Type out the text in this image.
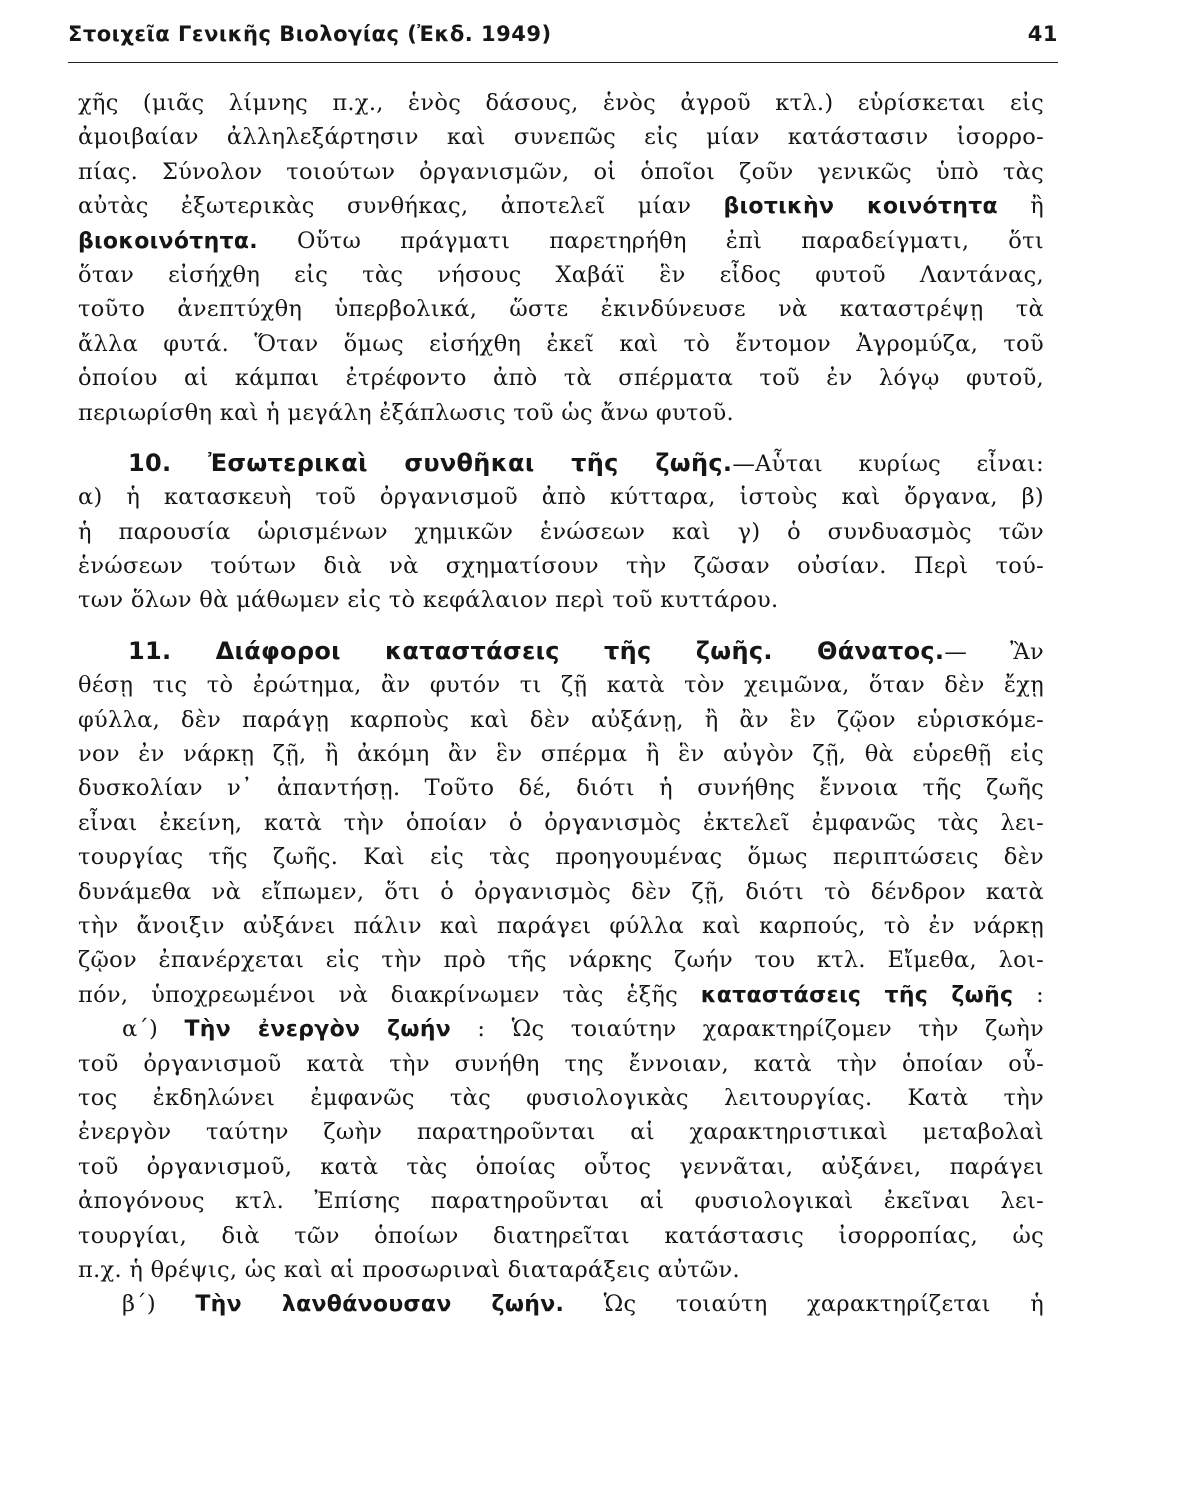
Στοιχεῖα Γενικῆς Βιολογίας (Ἐκδ. 1949)	41
χῆς (μιᾶς λίμνης π.χ., ἑνὸς δάσους, ἑνὸς ἀγροῦ κτλ.) εὑρίσκεται εἰς
ἀμοιβαίαν ἀλληλεξάρτησιν καὶ συνεπῶς εἰς μίαν κατάστασιν ἰσορρο-
πίας. Σύνολον τοιούτων ὀργανισμῶν, οἱ ὁποῖοι ζοῦν γενικῶς ὑπὸ τὰς
αὐτὰς ἐξωτερικὰς συνθήκας, ἀποτελεῖ μίαν βιοτικὴν κοινότητα ἢ
βιοκοινότητα. Οὕτω πράγματι παρετηρήθη ἐπὶ παραδείγματι, ὅτι
ὅταν εἰσήχθη εἰς τὰς νήσους Χαβάϊ ἓν εἶδος φυτοῦ Λαντάνας,
τοῦτο ἀνεπτύχθη ὑπερβολικά, ὥστε ἐκινδύνευσε νὰ καταστρέψῃ τὰ
ἄλλα φυτά. Ὅταν ὅμως εἰσήχθη ἐκεῖ καὶ τὸ ἔντομον Ἀγρομύζα, τοῦ
ὁποίου αἱ κάμπαι ἐτρέφοντο ἀπὸ τὰ σπέρματα τοῦ ἐν λόγῳ φυτοῦ,
περιωρίσθη καὶ ἡ μεγάλη ἐξάπλωσις τοῦ ὡς ἄνω φυτοῦ.
10. Ἐσωτερικαὶ συνθῆκαι τῆς ζωῆς.—Αὗται κυρίως εἶναι:
α) ἡ κατασκευὴ τοῦ ὀργανισμοῦ ἀπὸ κύτταρα, ἱστοὺς καὶ ὄργανα, β)
ἡ παρουσία ὡρισμένων χημικῶν ἑνώσεων καὶ γ) ὁ συνδυασμὸς τῶν
ἑνώσεων τούτων διὰ νὰ σχηματίσουν τὴν ζῶσαν οὐσίαν. Περὶ τού-
των ὅλων θὰ μάθωμεν εἰς τὸ κεφάλαιον περὶ τοῦ κυττάρου.
11. Διάφοροι καταστάσεις τῆς ζωῆς. Θάνατος.— Ἂν
θέσῃ τις τὸ ἐρώτημα, ἂν φυτόν τι ζῇ κατὰ τὸν χειμῶνα, ὅταν δὲν ἔχῃ
φύλλα, δὲν παράγῃ καρποὺς καὶ δὲν αὐξάνῃ, ἢ ἂν ἓν ζῷον εὑρισκόμε-
νον ἐν νάρκῃ ζῇ, ἢ ἀκόμη ἂν ἓν σπέρμα ἢ ἓν αὐγὸν ζῇ, θὰ εὑρεθῇ εἰς
δυσκολίαν ν᾿ ἀπαντήσῃ. Τοῦτο δέ, διότι ἡ συνήθης ἔννοια τῆς ζωῆς
εἶναι ἐκείνη, κατὰ τὴν ὁποίαν ὁ ὀργανισμὸς ἐκτελεῖ ἐμφανῶς τὰς λει-
τουργίας τῆς ζωῆς. Καὶ εἰς τὰς προηγουμένας ὅμως περιπτώσεις δὲν
δυνάμεθα νὰ εἴπωμεν, ὅτι ὁ ὀργανισμὸς δὲν ζῇ, διότι τὸ δένδρον κατὰ
τὴν ἄνοιξιν αὐξάνει πάλιν καὶ παράγει φύλλα καὶ καρπούς, τὸ ἐν νάρκῃ
ζῷον ἐπανέρχεται εἰς τὴν πρὸ τῆς νάρκης ζωήν του κτλ. Εἴμεθα, λοι-
πόν, ὑποχρεωμένοι νὰ διακρίνωμεν τὰς ἑξῆς καταστάσεις τῆς ζωῆς :
α΄) Τὴν ἐνεργὸν ζωήν : Ὡς τοιαύτην χαρακτηρίζομεν τὴν ζωὴν
τοῦ ὀργανισμοῦ κατὰ τὴν συνήθη της ἔννοιαν, κατὰ τὴν ὁποίαν οὗ-
τος ἐκδηλώνει ἐμφανῶς τὰς φυσιολογικὰς λειτουργίας. Κατὰ τὴν
ἐνεργὸν ταύτην ζωὴν παρατηροῦνται αἱ χαρακτηριστικαὶ μεταβολαὶ
τοῦ ὀργανισμοῦ, κατὰ τὰς ὁποίας οὗτος γεννᾶται, αὐξάνει, παράγει
ἀπογόνους κτλ. Ἐπίσης παρατηροῦνται αἱ φυσιολογικαὶ ἐκεῖναι λει-
τουργίαι, διὰ τῶν ὁποίων διατηρεῖται κατάστασις ἰσορροπίας, ὡς
π.χ. ἡ θρέψις, ὡς καὶ αἱ προσωριναὶ διαταράξεις αὐτῶν.
β΄) Τὴν λανθάνουσαν ζωήν. Ὡς τοιαύτη χαρακτηρίζεται ἡ
